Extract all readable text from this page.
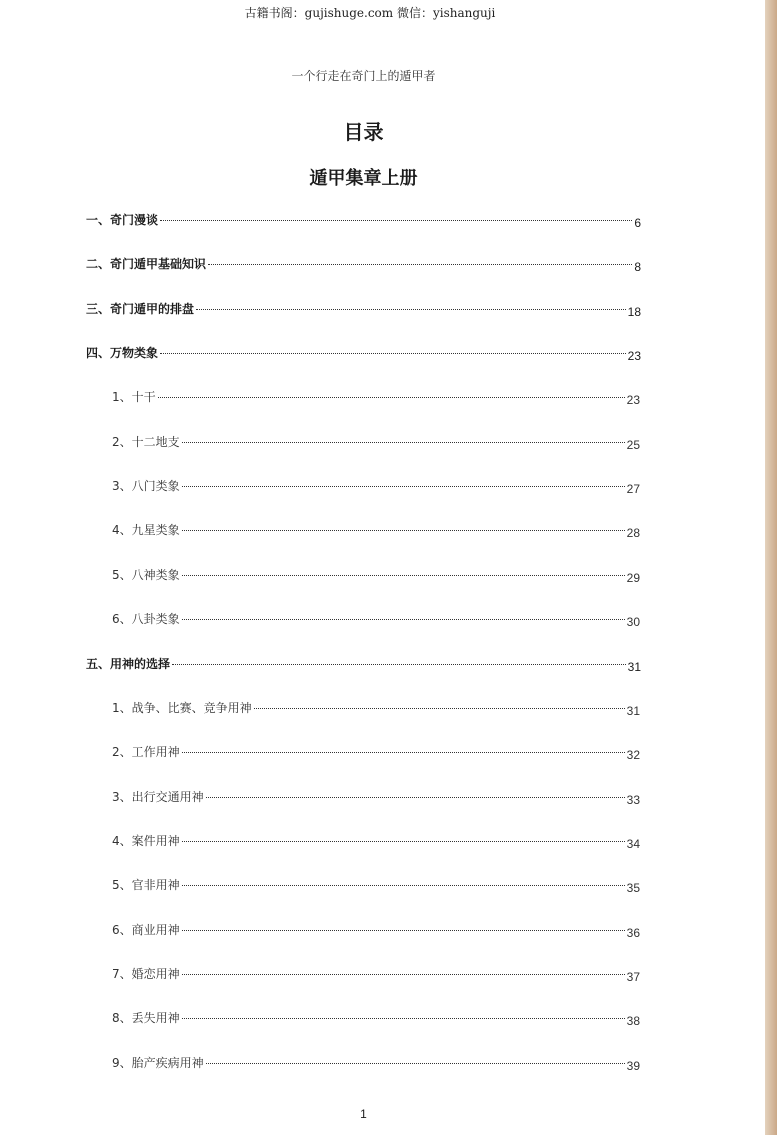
古籍书阁：gujishuge.com 微信：yishanguji
一个行走在奇门上的遁甲者
目录
遁甲集章上册
一、奇门漫谈	6
二、奇门遁甲基础知识	8
三、奇门遁甲的排盘	18
四、万物类象	23
1、十干	23
2、十二地支	25
3、八门类象	27
4、九星类象	28
5、八神类象	29
6、八卦类象	30
五、用神的选择	31
1、战争、比赛、竞争用神	31
2、工作用神	32
3、出行交通用神	33
4、案件用神	34
5、官非用神	35
6、商业用神	36
7、婚恋用神	37
8、丢失用神	38
9、胎产疾病用神	39
1
